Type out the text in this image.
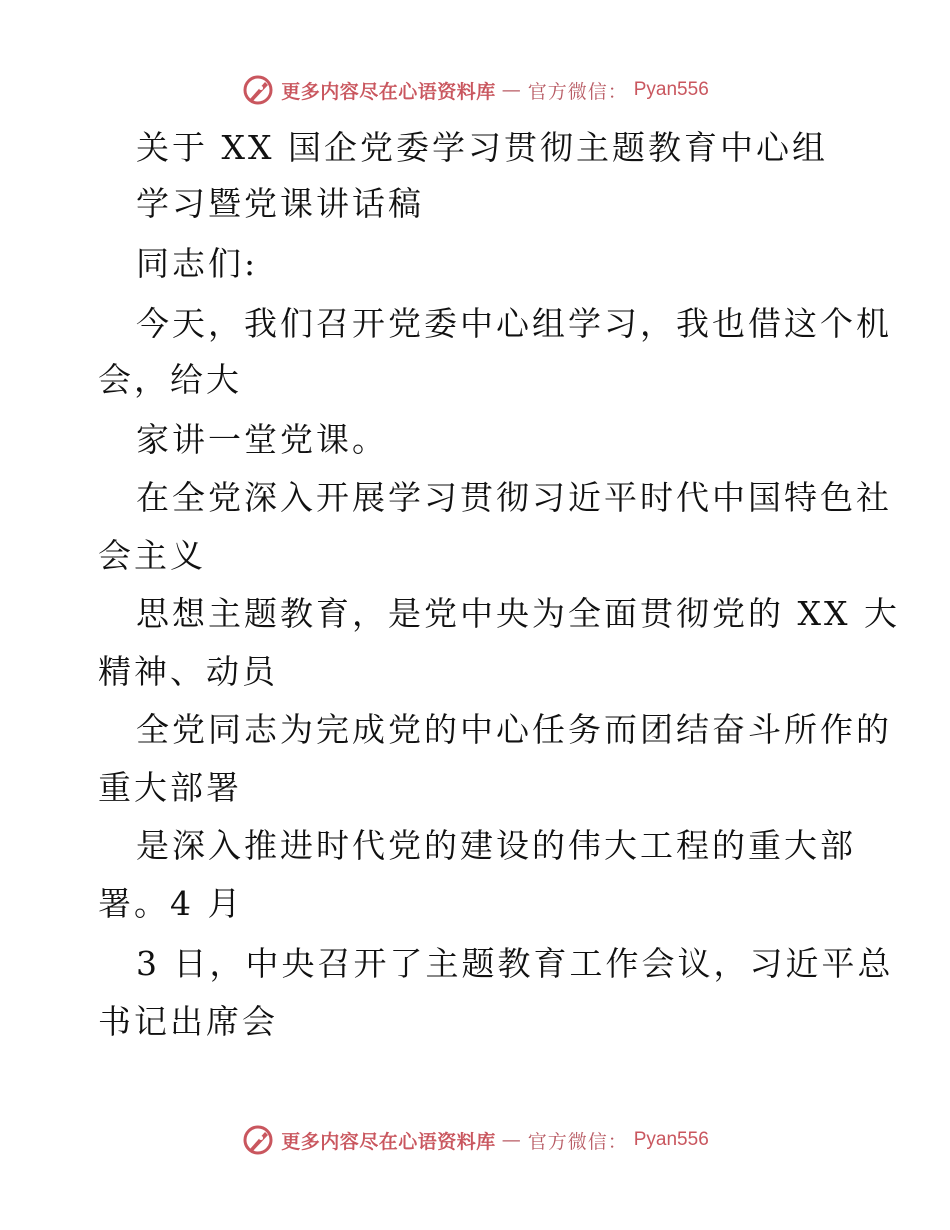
更多内容尽在心语资料库 — 官方微信： Pyan556
关于 XX 国企党委学习贯彻主题教育中心组
学习暨党课讲话稿
同志们:
今天，我们召开党委中心组学习，我也借这个机
会，给大
家讲一堂党课。
在全党深入开展学习贯彻习近平时代中国特色社
会主义
思想主题教育，是党中央为全面贯彻党的 XX 大
精神、动员
全党同志为完成党的中心任务而团结奋斗所作的
重大部署
是深入推进时代党的建设的伟大工程的重大部
署。4 月
3 日，中央召开了主题教育工作会议，习近平总
书记出席会
更多内容尽在心语资料库 — 官方微信： Pyan556
